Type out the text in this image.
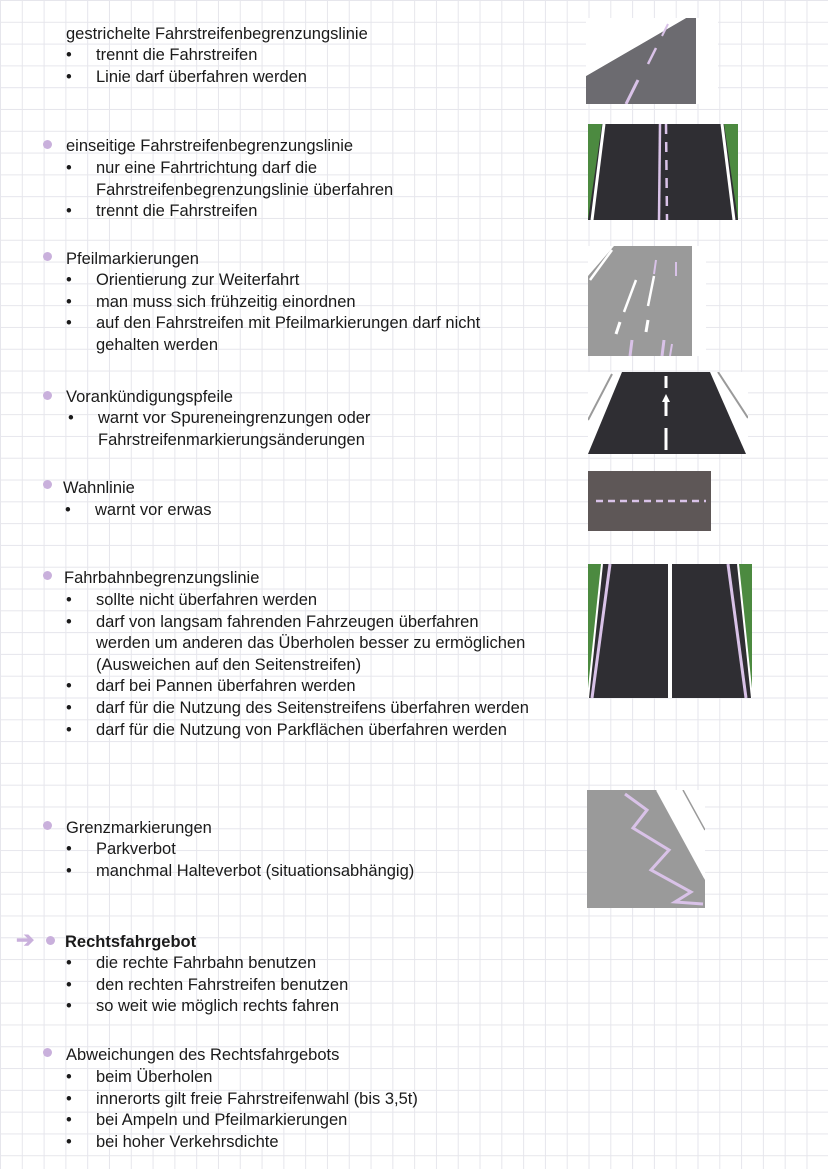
gestrichelte Fahrstreifenbegrenzungslinie
• trennt die Fahrstreifen
• Linie darf überfahren werden
einseitige Fahrstreifenbegrenzungslinie
• nur eine Fahrtrichtung darf die Fahrstreifenbegrenzungslinie überfahren
• trennt die Fahrstreifen
Pfeilmarkierungen
• Orientierung zur Weiterfahrt
• man muss sich frühzeitig einordnen
• auf den Fahrstreifen mit Pfeilmarkierungen darf nicht gehalten werden
Vorankündigungspfeile
• warnt vor Spureneingrenzungen oder Fahrstreifenmarkierungsänderungen
Wahnlinie
• warnt vor erwas
Fahrbahnbegrenzungslinie
• sollte nicht überfahren werden
• darf von langsam fahrenden Fahrzeugen überfahren werden um anderen das Überholen besser zu ermöglichen (Ausweichen auf den Seitenstreifen)
• darf bei Pannen überfahren werden
• darf für die Nutzung des Seitenstreifens überfahren werden
• darf für die Nutzung von Parkflächen überfahren werden
Grenzmarkierungen
• Parkverbot
• manchmal Halteverbot (situationsabhängig)
➔ Rechtsfahrgebot
• die rechte Fahrbahn benutzen
• den rechten Fahrstreifen benutzen
• so weit wie möglich rechts fahren
Abweichungen des Rechtsfahrgebots
• beim Überholen
• innerorts gilt freie Fahrstreifenwahl (bis 3,5t)
• bei Ampeln und Pfeilmarkierungen
• bei hoher Verkehrsdichte
